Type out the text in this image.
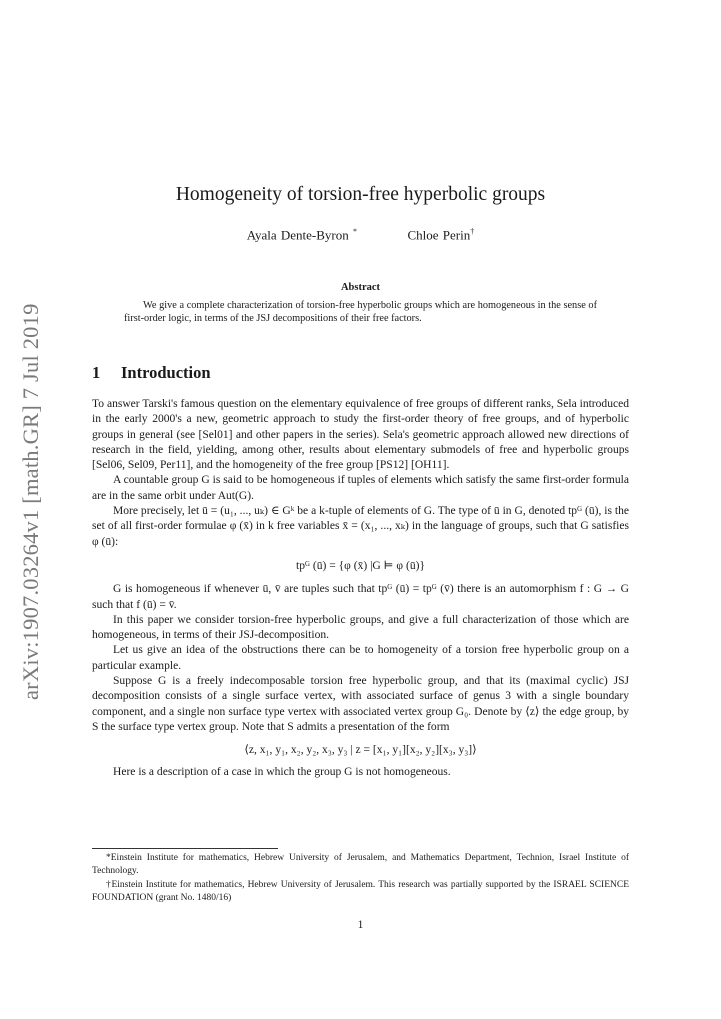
arXiv:1907.03264v1 [math.GR] 7 Jul 2019
Homogeneity of torsion-free hyperbolic groups
Ayala Dente-Byron *	Chloe Perin†
Abstract
We give a complete characterization of torsion-free hyperbolic groups which are homogeneous in the sense of first-order logic, in terms of the JSJ decompositions of their free factors.
1 Introduction

To answer Tarski's famous question on the elementary equivalence of free groups of different ranks, Sela introduced in the early 2000's a new, geometric approach to study the first-order theory of free groups, and of hyperbolic groups in general (see [Sel01] and other papers in the series). Sela's geometric approach allowed new directions of research in the field, yielding, among other, results about elementary submodels of free and hyperbolic groups [Sel06, Sel09, Per11], and the homogeneity of the free group [PS12] [OH11].

A countable group G is said to be homogeneous if tuples of elements which satisfy the same first-order formula are in the same orbit under Aut(G).

More precisely, let ū = (u₁, ..., uₖ) ∈ Gᵏ be a k-tuple of elements of G. The type of ū in G, denoted tpᴳ (ū), is the set of all first-order formulae φ (x̄) in k free variables x̄ = (x₁, ..., xₖ) in the language of groups, such that G satisfies φ (ū):

tpᴳ (ū) = {φ (x̄) |G ⊨ φ (ū)}

G is homogeneous if whenever ū, v̄ are tuples such that tpᴳ (ū) = tpᴳ (v̄) there is an automorphism f : G → G such that f (ū) = v̄.

In this paper we consider torsion-free hyperbolic groups, and give a full characterization of those which are homogeneous, in terms of their JSJ-decomposition.

Let us give an idea of the obstructions there can be to homogeneity of a torsion free hyperbolic group on a particular example.

Suppose G is a freely indecomposable torsion free hyperbolic group, and that its (maximal cyclic) JSJ decomposition consists of a single surface vertex, with associated surface of genus 3 with a single boundary component, and a single non surface type vertex with associated vertex group G₀. Denote by ⟨z⟩ the edge group, by S the surface type vertex group. Note that S admits a presentation of the form

⟨z, x₁, y₁, x₂, y₂, x₃, y₃ | z = [x₁, y₁][x₂, y₂][x₃, y₃]⟩

Here is a description of a case in which the group G is not homogeneous.

*Einstein Institute for mathematics, Hebrew University of Jerusalem, and Mathematics Department, Technion, Israel Institute of Technology.

†Einstein Institute for mathematics, Hebrew University of Jerusalem. This research was partially supported by the ISRAEL SCIENCE FOUNDATION (grant No. 1480/16)

1
